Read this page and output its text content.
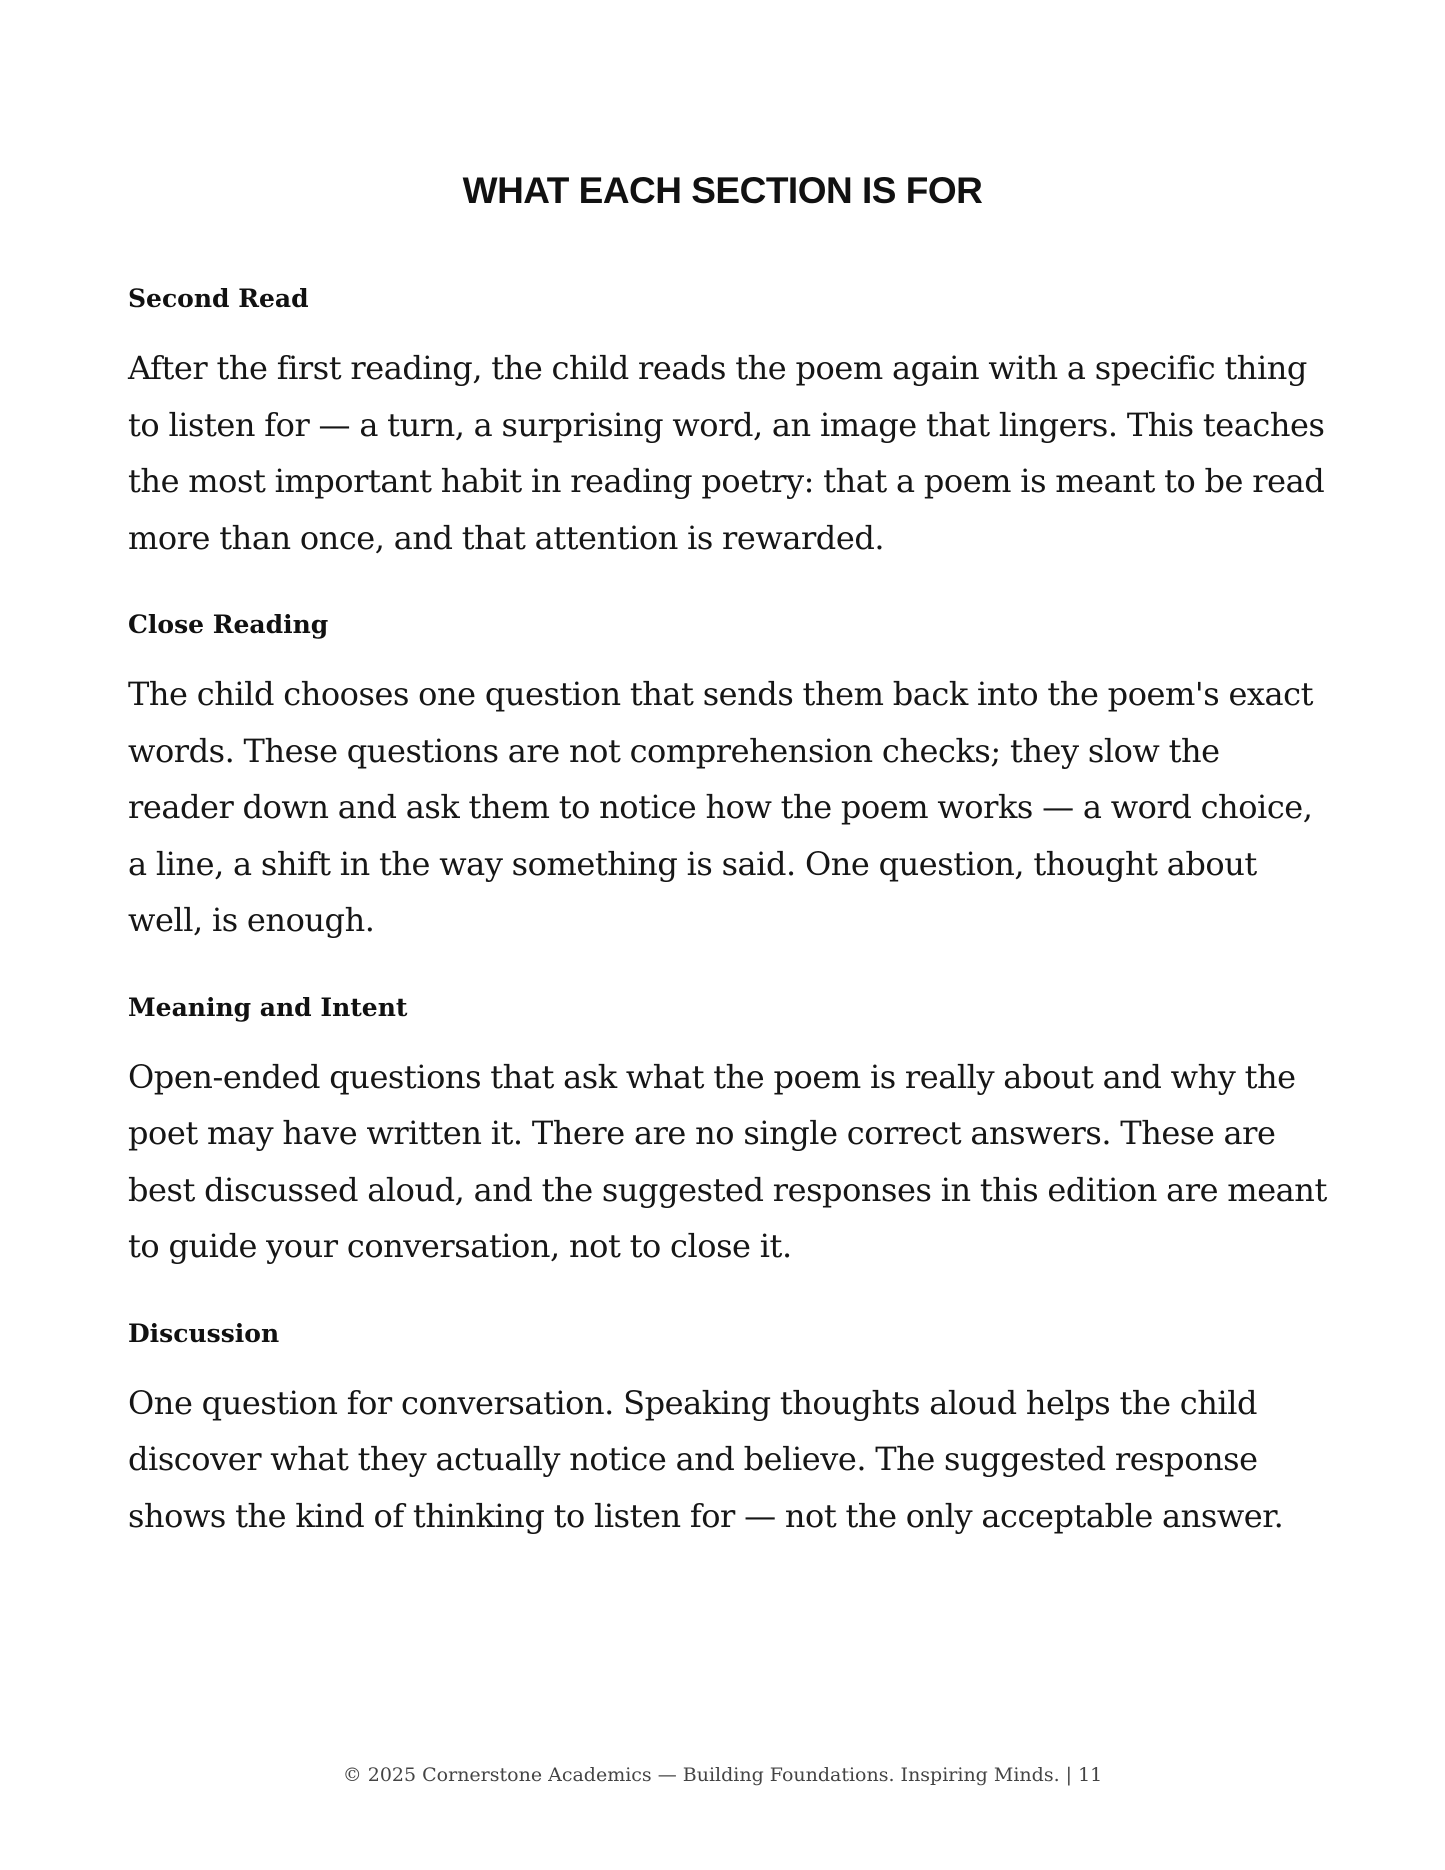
WHAT EACH SECTION IS FOR
Second Read

After the first reading, the child reads the poem again with a specific thing to listen for — a turn, a surprising word, an image that lingers. This teaches the most important habit in reading poetry: that a poem is meant to be read more than once, and that attention is rewarded.

Close Reading

The child chooses one question that sends them back into the poem's exact words. These questions are not comprehension checks; they slow the reader down and ask them to notice how the poem works — a word choice, a line, a shift in the way something is said. One question, thought about well, is enough.

Meaning and Intent

Open-ended questions that ask what the poem is really about and why the poet may have written it. There are no single correct answers. These are best discussed aloud, and the suggested responses in this edition are meant to guide your conversation, not to close it.

Discussion

One question for conversation. Speaking thoughts aloud helps the child discover what they actually notice and believe. The suggested response shows the kind of thinking to listen for — not the only acceptable answer.

© 2025 Cornerstone Academics — Building Foundations. Inspiring Minds. | 11
